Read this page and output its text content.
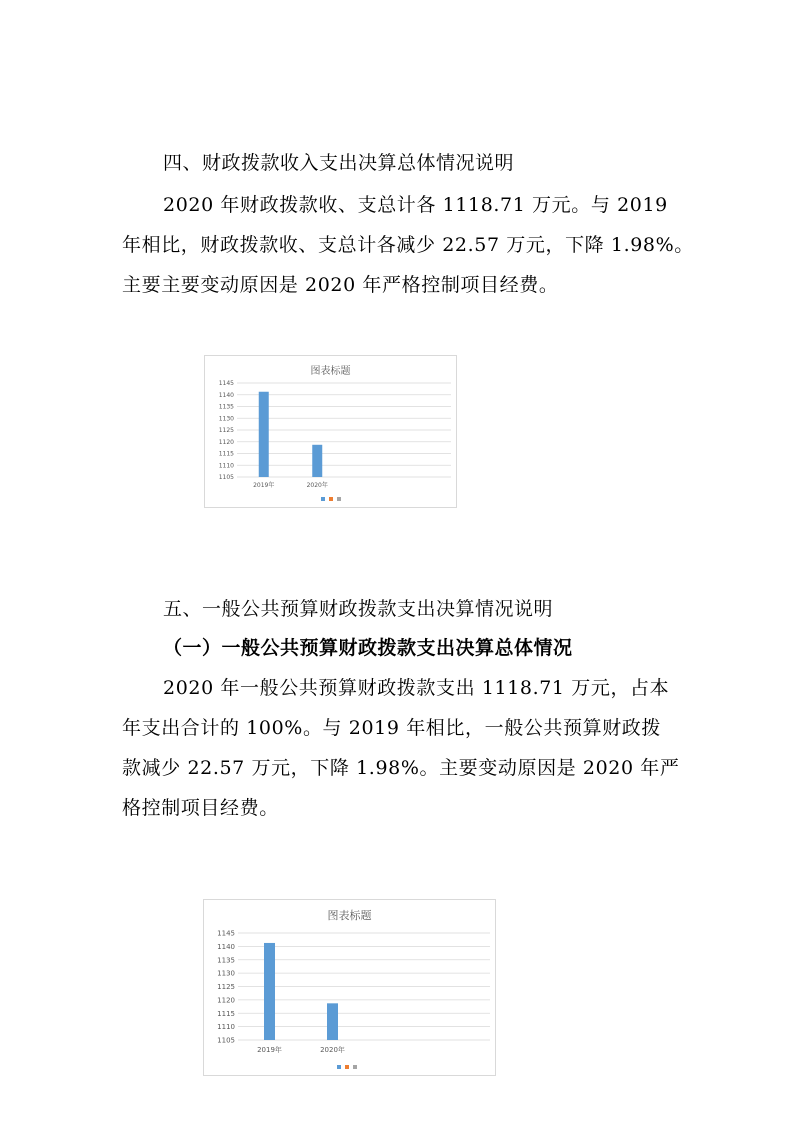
四、财政拨款收入支出决算总体情况说明
2020 年财政拨款收、支总计各 1118.71 万元。与 2019
年相比，财政拨款收、支总计各减少 22.57 万元，下降 1.98%。
主要主要变动原因是 2020 年严格控制项目经费。
图表标题
1105
1110
1115
1120
1125
1130
1135
1140
1145
2019年	2020年
五、一般公共预算财政拨款支出决算情况说明
（一）一般公共预算财政拨款支出决算总体情况
2020 年一般公共预算财政拨款支出 1118.71 万元，占本
年支出合计的 100%。与 2019 年相比，一般公共预算财政拨
款减少 22.57 万元，下降 1.98%。主要变动原因是 2020 年严
格控制项目经费。
图表标题
1105
1110
1115
1120
1125
1130
1135
1140
1145
2019年	2020年
